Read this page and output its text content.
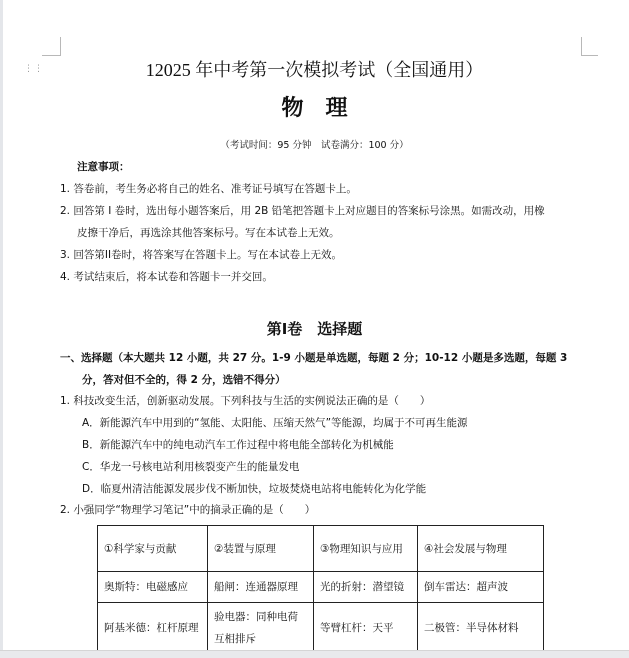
⋮⋮	12025 年中考第一次模拟考试（全国通用）
物　理
（考试时间：95 分钟　试卷满分：100 分）
注意事项：
1. 答卷前，考生务必将自己的姓名、准考证号填写在答题卡上。
2. 回答第 I 卷时，选出每小题答案后，用 2B 铅笔把答题卡上对应题目的答案标号涂黑。如需改动，用橡
皮擦干净后，再选涂其他答案标号。写在本试卷上无效。
3. 回答第II卷时，将答案写在答题卡上。写在本试卷上无效。
4. 考试结束后，将本试卷和答题卡一并交回。
第Ⅰ卷　选择题
一、选择题（本大题共 12 小题，共 27 分。1-9 小题是单选题，每题 2 分；10-12 小题是多选题，每题 3
分，答对但不全的，得 2 分，选错不得分）
1. 科技改变生活，创新驱动发展。下列科技与生活的实例说法正确的是（　　）
A．新能源汽车中用到的“氢能、太阳能、压缩天然气”等能源，均属于不可再生能源
B．新能源汽车中的纯电动汽车工作过程中将电能全部转化为机械能
C．华龙一号核电站利用核裂变产生的能量发电
D．临夏州清洁能源发展步伐不断加快，垃圾焚烧电站将电能转化为化学能
2. 小强同学“物理学习笔记”中的摘录正确的是（　　）
①科学家与贡献	②装置与原理	③物理知识与应用	④社会发展与物理
奥斯特：电磁感应	船闸：连通器原理	光的折射：潜望镜	倒车雷达：超声波
阿基米德：杠杆原理	验电器：同种电荷互相排斥	等臂杠杆：天平	二极管：半导体材料
